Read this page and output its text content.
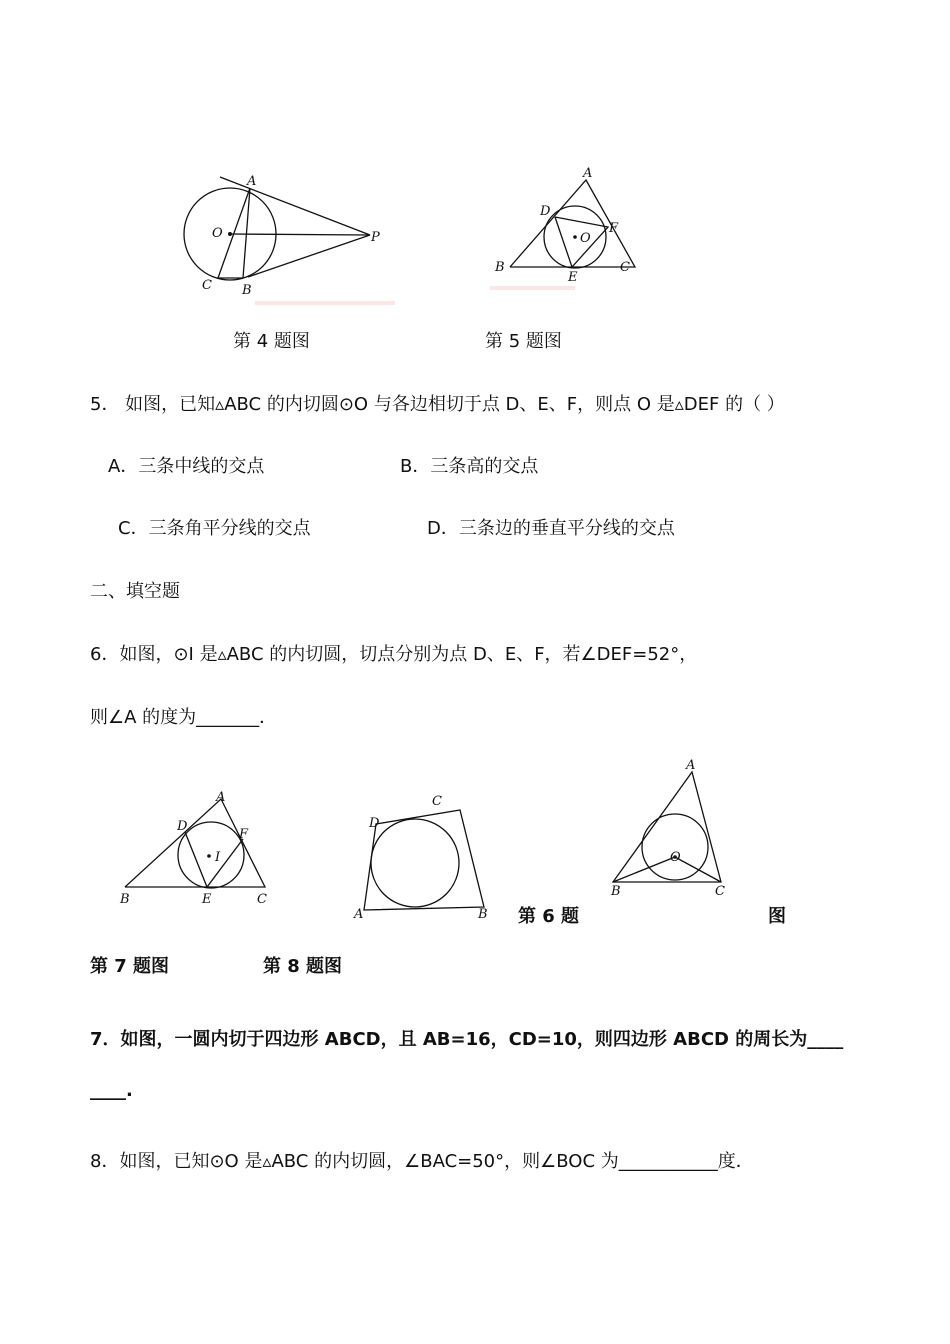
A
O	P
C B
A
D
F
O
B
E
C
第 4 题图	第 5 题图
5． 如图，已知▵ABC 的内切圆⊙O 与各边相切于点 D、E、F，则点 O 是▵DEF 的（ ）
A．三条中线的交点	B．三条高的交点
C．三条角平分线的交点	D．三条边的垂直平分线的交点
二、填空题
6．如图，⊙I 是▵ABC 的内切圆，切点分别为点 D、E、F，若∠DEF=52°，
则∠A 的度为_______．
A
D
F
I
B	E	C
C
D
A	B
A
O
B	C
第 6 题	图
第 7 题图	第 8 题图
7．如图，一圆内切于四边形 ABCD，且 AB=16，CD=10，则四边形 ABCD 的周长为____
____.
8．如图，已知⊙O 是▵ABC 的内切圆，∠BAC=50°，则∠BOC 为___________度．
